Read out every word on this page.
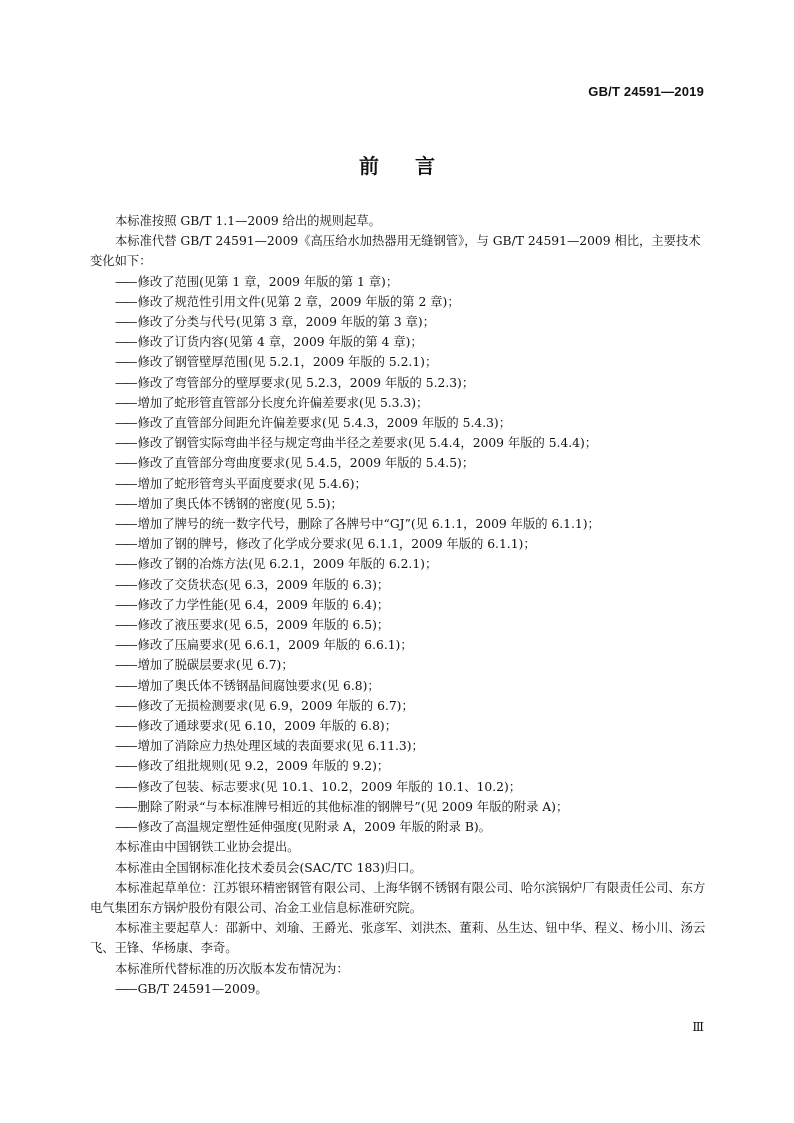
GB/T 24591—2019
前言

本标准按照 GB/T 1.1—2009 给出的规则起草。

本标准代替 GB/T 24591—2009《高压给水加热器用无缝钢管》，与 GB/T 24591—2009 相比，主要技术变化如下：

—— 修改了范围(见第 1 章，2009 年版的第 1 章)；
—— 修改了规范性引用文件(见第 2 章，2009 年版的第 2 章)；
—— 修改了分类与代号(见第 3 章，2009 年版的第 3 章)；
—— 修改了订货内容(见第 4 章，2009 年版的第 4 章)；
—— 修改了钢管壁厚范围(见 5.2.1，2009 年版的 5.2.1)；
—— 修改了弯管部分的壁厚要求(见 5.2.3，2009 年版的 5.2.3)；
—— 增加了蛇形管直管部分长度允许偏差要求(见 5.3.3)；
—— 修改了直管部分间距允许偏差要求(见 5.4.3，2009 年版的 5.4.3)；
—— 修改了钢管实际弯曲半径与规定弯曲半径之差要求(见 5.4.4，2009 年版的 5.4.4)；
—— 修改了直管部分弯曲度要求(见 5.4.5，2009 年版的 5.4.5)；
—— 增加了蛇形管弯头平面度要求(见 5.4.6)；
—— 增加了奥氏体不锈钢的密度(见 5.5)；
—— 增加了牌号的统一数字代号，删除了各牌号中“GJ”(见 6.1.1，2009 年版的 6.1.1)；
—— 增加了钢的牌号，修改了化学成分要求(见 6.1.1，2009 年版的 6.1.1)；
—— 修改了钢的冶炼方法(见 6.2.1，2009 年版的 6.2.1)；
—— 修改了交货状态(见 6.3，2009 年版的 6.3)；
—— 修改了力学性能(见 6.4，2009 年版的 6.4)；
—— 修改了液压要求(见 6.5，2009 年版的 6.5)；
—— 修改了压扁要求(见 6.6.1，2009 年版的 6.6.1)；
—— 增加了脱碳层要求(见 6.7)；
—— 增加了奥氏体不锈钢晶间腐蚀要求(见 6.8)；
—— 修改了无损检测要求(见 6.9，2009 年版的 6.7)；
—— 修改了通球要求(见 6.10，2009 年版的 6.8)；
—— 增加了消除应力热处理区域的表面要求(见 6.11.3)；
—— 修改了组批规则(见 9.2，2009 年版的 9.2)；
—— 修改了包装、标志要求(见 10.1、10.2，2009 年版的 10.1、10.2)；
—— 删除了附录“与本标准牌号相近的其他标准的钢牌号”(见 2009 年版的附录 A)；
—— 修改了高温规定塑性延伸强度(见附录 A，2009 年版的附录 B)。

本标准由中国钢铁工业协会提出。

本标准由全国钢标准化技术委员会(SAC/TC 183)归口。

本标准起草单位：江苏银环精密钢管有限公司、上海华钢不锈钢有限公司、哈尔滨锅炉厂有限责任公司、东方电气集团东方锅炉股份有限公司、冶金工业信息标准研究院。

本标准主要起草人：邵新中、刘瑜、王爵光、张彦军、刘洪杰、董莉、丛生达、钮中华、程义、杨小川、汤云飞、王锋、华杨康、李奇。

本标准所代替标准的历次版本发布情况为：

—— GB/T 24591—2009。
Ⅲ
